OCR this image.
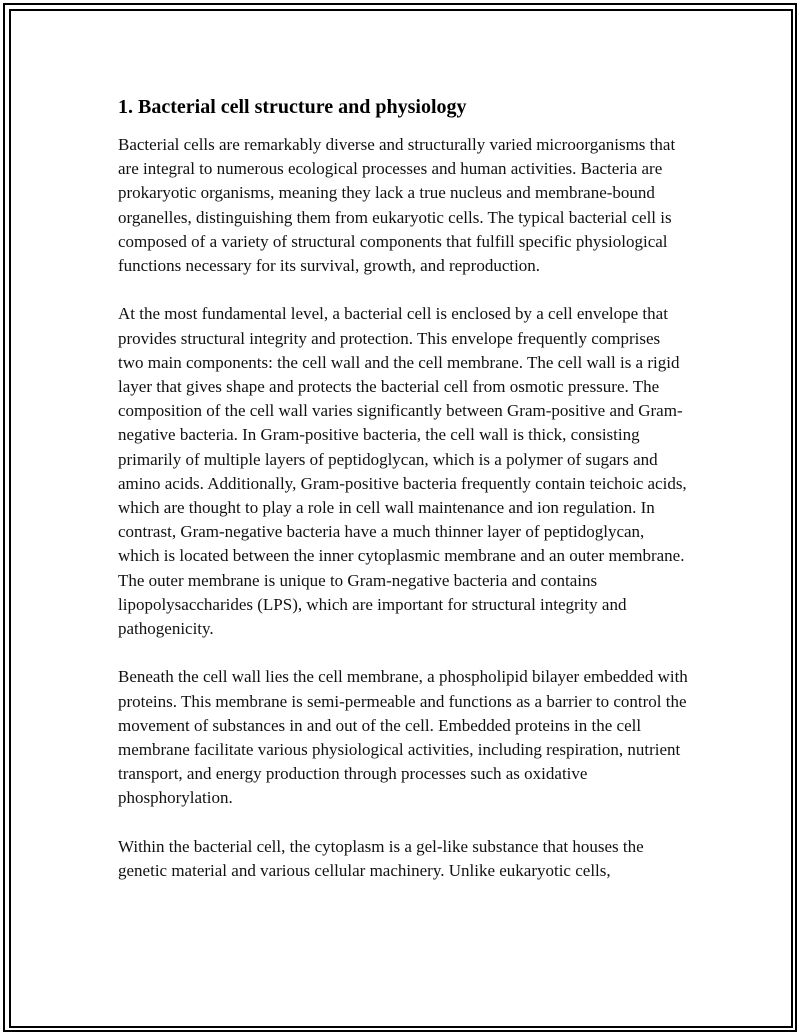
1. Bacterial cell structure and physiology

Bacterial cells are remarkably diverse and structurally varied microorganisms that are integral to numerous ecological processes and human activities. Bacteria are prokaryotic organisms, meaning they lack a true nucleus and membrane-bound organelles, distinguishing them from eukaryotic cells. The typical bacterial cell is composed of a variety of structural components that fulfill specific physiological functions necessary for its survival, growth, and reproduction.

At the most fundamental level, a bacterial cell is enclosed by a cell envelope that provides structural integrity and protection. This envelope frequently comprises two main components: the cell wall and the cell membrane. The cell wall is a rigid layer that gives shape and protects the bacterial cell from osmotic pressure. The composition of the cell wall varies significantly between Gram-positive and Gram-negative bacteria. In Gram-positive bacteria, the cell wall is thick, consisting primarily of multiple layers of peptidoglycan, which is a polymer of sugars and amino acids. Additionally, Gram-positive bacteria frequently contain teichoic acids, which are thought to play a role in cell wall maintenance and ion regulation. In contrast, Gram-negative bacteria have a much thinner layer of peptidoglycan, which is located between the inner cytoplasmic membrane and an outer membrane. The outer membrane is unique to Gram-negative bacteria and contains lipopolysaccharides (LPS), which are important for structural integrity and pathogenicity.

Beneath the cell wall lies the cell membrane, a phospholipid bilayer embedded with proteins. This membrane is semi-permeable and functions as a barrier to control the movement of substances in and out of the cell. Embedded proteins in the cell membrane facilitate various physiological activities, including respiration, nutrient transport, and energy production through processes such as oxidative phosphorylation.

Within the bacterial cell, the cytoplasm is a gel-like substance that houses the genetic material and various cellular machinery. Unlike eukaryotic cells,
